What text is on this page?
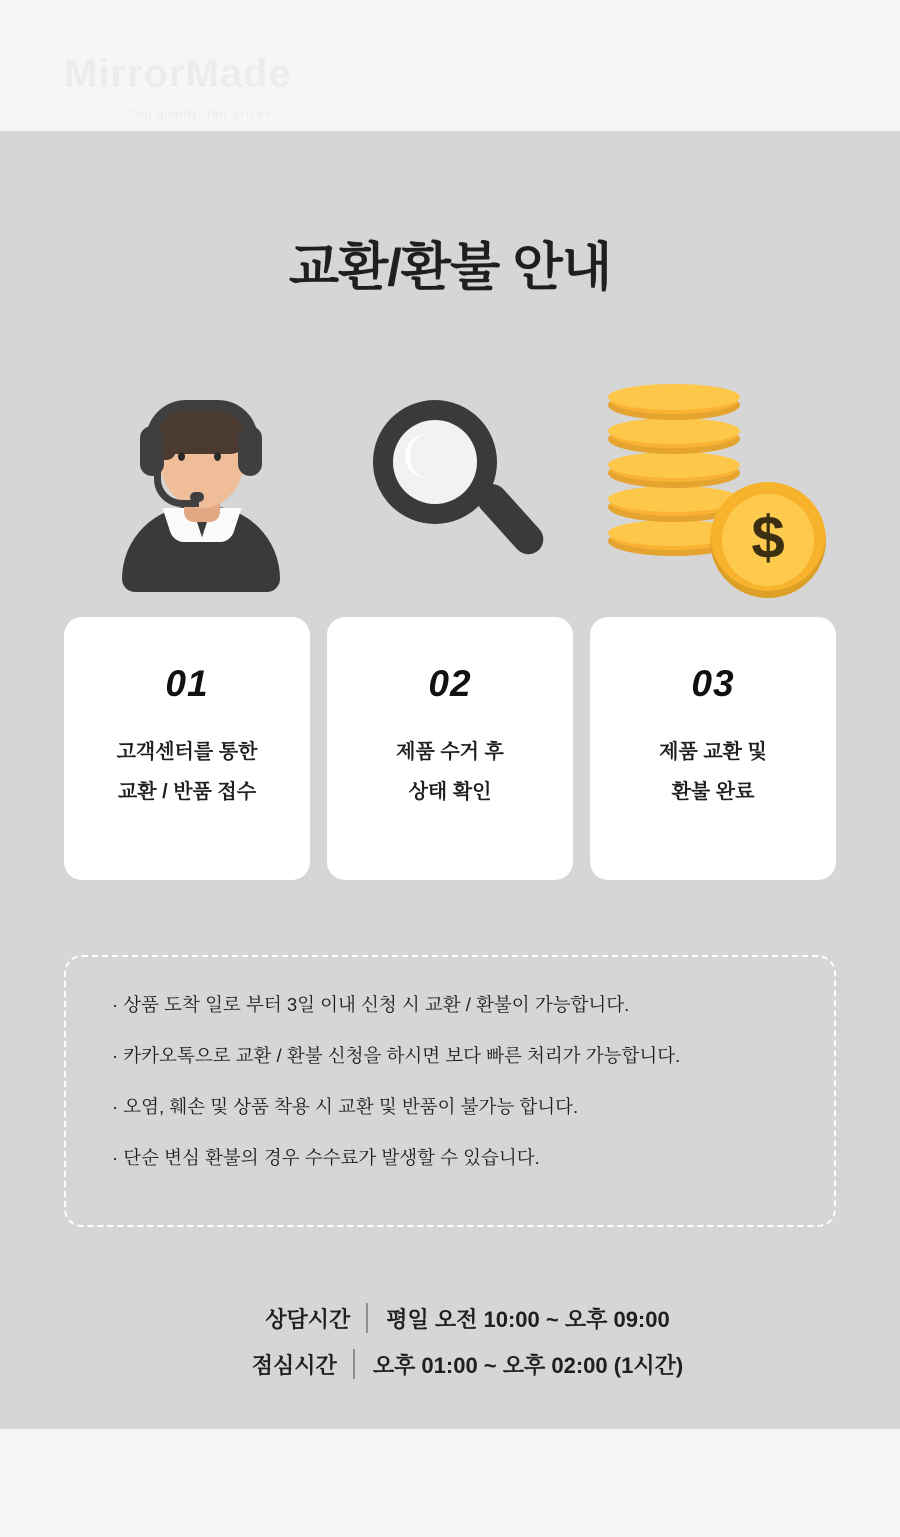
MirrorMade
Top quality, fair prices
교환/환불 안내
$
01
고객센터를 통한
교환 / 반품 접수
02
제품 수거 후
상태 확인
03
제품 교환 및
환불 완료
· 상품 도착 일로 부터 3일 이내 신청 시 교환 / 환불이 가능합니다.
· 카카오톡으로 교환 / 환불 신청을 하시면 보다 빠른 처리가 가능합니다.
· 오염, 훼손 및 상품 착용 시 교환 및 반품이 불가능 합니다.
· 단순 변심 환불의 경우 수수료가 발생할 수 있습니다.
상담시간	평일 오전 10:00 ~ 오후 09:00
점심시간	오후 01:00 ~ 오후 02:00 (1시간)
